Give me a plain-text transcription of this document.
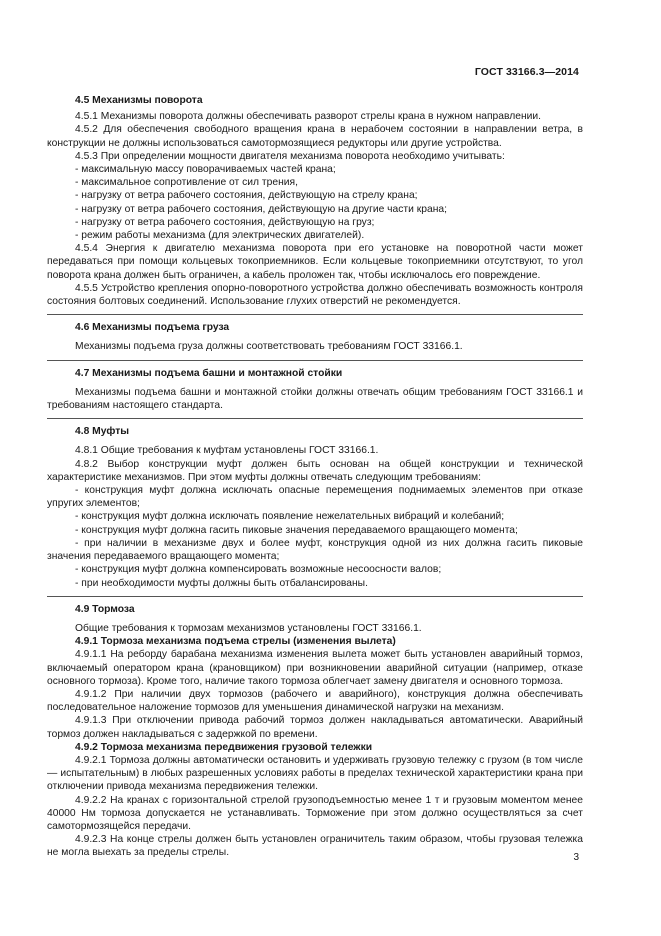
ГОСТ 33166.3—2014

4.5 Механизмы поворота

4.5.1 Механизмы поворота должны обеспечивать разворот стрелы крана в нужном направлении.

4.5.2 Для обеспечения свободного вращения крана в нерабочем состоянии в направлении ветра, в конструкции не должны использоваться самотормозящиеся редукторы или другие устройства.

4.5.3 При определении мощности двигателя механизма поворота необходимо учитывать:

- максимальную массу поворачиваемых частей крана;

- максимальное сопротивление от сил трения,

- нагрузку от ветра рабочего состояния, действующую на стрелу крана;

- нагрузку от ветра рабочего состояния, действующую на другие части крана;

- нагрузку от ветра рабочего состояния, действующую на груз;

- режим работы механизма (для электрических двигателей).

4.5.4 Энергия к двигателю механизма поворота при его установке на поворотной части может передаваться при помощи кольцевых токоприемников. Если кольцевые токоприемники отсутствуют, то угол поворота крана должен быть ограничен, а кабель проложен так, чтобы исключалось его повреждение.

4.5.5 Устройство крепления опорно-поворотного устройства должно обеспечивать возможность контроля состояния болтовых соединений. Использование глухих отверстий не рекомендуется.

4.6 Механизмы подъема груза

Механизмы подъема груза должны соответствовать требованиям ГОСТ 33166.1.

4.7 Механизмы подъема башни и монтажной стойки

Механизмы подъема башни и монтажной стойки должны отвечать общим требованиям ГОСТ 33166.1 и требованиям настоящего стандарта.

4.8 Муфты

4.8.1 Общие требования к муфтам установлены ГОСТ 33166.1.

4.8.2 Выбор конструкции муфт должен быть основан на общей конструкции и технической характеристике механизмов. При этом муфты должны отвечать следующим требованиям:

- конструкция муфт должна исключать опасные перемещения поднимаемых элементов при отказе упругих элементов;

- конструкция муфт должна исключать появление нежелательных вибраций и колебаний;

- конструкция муфт должна гасить пиковые значения передаваемого вращающего момента;

- при наличии в механизме двух и более муфт, конструкция одной из них должна гасить пиковые значения передаваемого вращающего момента;

- конструкция муфт должна компенсировать возможные несоосности валов;

- при необходимости муфты должны быть отбалансированы.

4.9 Тормоза

Общие требования к тормозам механизмов установлены ГОСТ 33166.1.

4.9.1 Тормоза механизма подъема стрелы (изменения вылета)

4.9.1.1 На реборду барабана механизма изменения вылета может быть установлен аварийный тормоз, включаемый оператором крана (крановщиком) при возникновении аварийной ситуации (например, отказе основного тормоза). Кроме того, наличие такого тормоза облегчает замену двигателя и основного тормоза.

4.9.1.2 При наличии двух тормозов (рабочего и аварийного), конструкция должна обеспечивать последовательное наложение тормозов для уменьшения динамической нагрузки на механизм.

4.9.1.3 При отключении привода рабочий тормоз должен накладываться автоматически. Аварийный тормоз должен накладываться с задержкой по времени.

4.9.2 Тормоза механизма передвижения грузовой тележки

4.9.2.1 Тормоза должны автоматически остановить и удерживать грузовую тележку с грузом (в том числе — испытательным) в любых разрешенных условиях работы в пределах технической характеристики крана при отключении привода механизма передвижения тележки.

4.9.2.2 На кранах с горизонтальной стрелой грузоподъемностью менее 1 т и грузовым моментом менее 40000 Нм тормоза допускается не устанавливать. Торможение при этом должно осуществляться за счет самотормозящейся передачи.

4.9.2.3 На конце стрелы должен быть установлен ограничитель таким образом, чтобы грузовая тележка не могла выехать за пределы стрелы.	3
